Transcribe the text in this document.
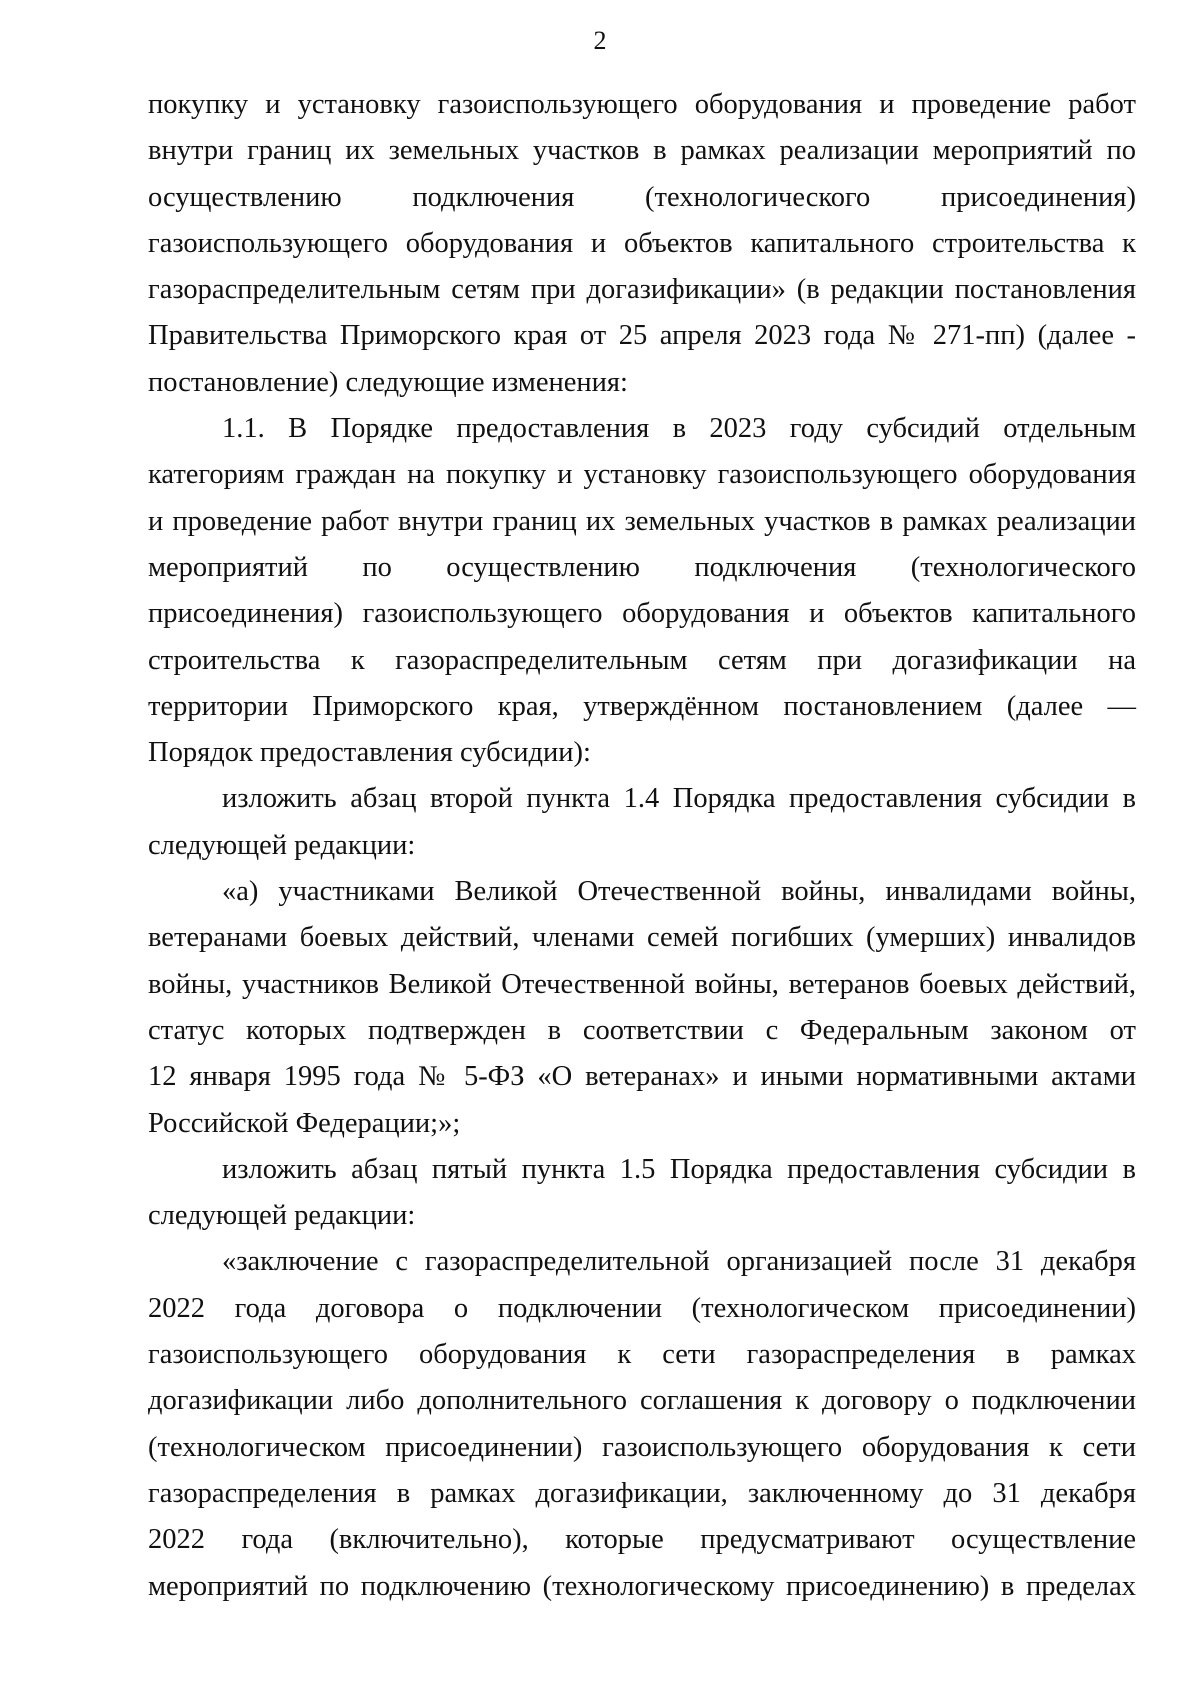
2
покупку и установку газоиспользующего оборудования и проведение работ
внутри границ их земельных участков в рамках реализации мероприятий по
осуществлению подключения (технологического присоединения)
газоиспользующего оборудования и объектов капитального строительства к
газораспределительным сетям при догазификации» (в редакции постановления
Правительства Приморского края от 25 апреля 2023 года № 271-пп) (далее -
постановление) следующие изменения:
1.1. В Порядке предоставления в 2023 году субсидий отдельным
категориям граждан на покупку и установку газоиспользующего оборудования
и проведение работ внутри границ их земельных участков в рамках реализации
мероприятий по осуществлению подключения (технологического
присоединения) газоиспользующего оборудования и объектов капитального
строительства к газораспределительным сетям при догазификации на
территории Приморского края, утверждённом постановлением (далее —
Порядок предоставления субсидии):
изложить абзац второй пункта 1.4 Порядка предоставления субсидии в
следующей редакции:
«а) участниками Великой Отечественной войны, инвалидами войны,
ветеранами боевых действий, членами семей погибших (умерших) инвалидов
войны, участников Великой Отечественной войны, ветеранов боевых действий,
статус которых подтвержден в соответствии с Федеральным законом от
12 января 1995 года № 5-ФЗ «О ветеранах» и иными нормативными актами
Российской Федерации;»;
изложить абзац пятый пункта 1.5 Порядка предоставления субсидии в
следующей редакции:
«заключение с газораспределительной организацией после 31 декабря
2022 года договора о подключении (технологическом присоединении)
газоиспользующего оборудования к сети газораспределения в рамках
догазификации либо дополнительного соглашения к договору о подключении
(технологическом присоединении) газоиспользующего оборудования к сети
газораспределения в рамках догазификации, заключенному до 31 декабря
2022 года (включительно), которые предусматривают осуществление
мероприятий по подключению (технологическому присоединению) в пределах
